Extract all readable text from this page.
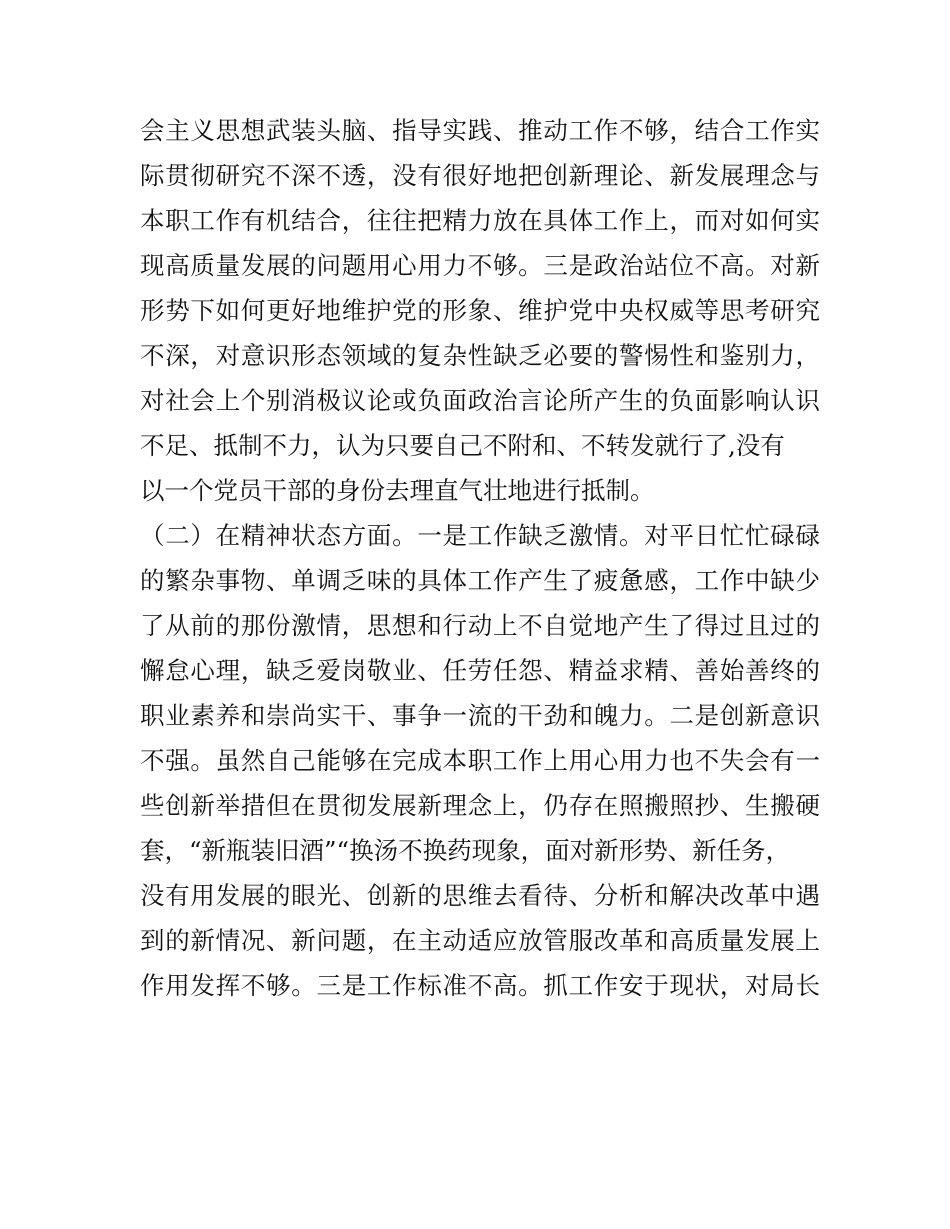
会主义思想武装头脑、指导实践、推动工作不够，结合工作实
际贯彻研究不深不透，没有很好地把创新理论、新发展理念与
本职工作有机结合，往往把精力放在具体工作上，而对如何实
现高质量发展的问题用心用力不够。三是政治站位不高。对新
形势下如何更好地维护党的形象、维护党中央权威等思考研究
不深，对意识形态领域的复杂性缺乏必要的警惕性和鉴别力，
对社会上个别消极议论或负面政治言论所产生的负面影响认识
不足、抵制不力，认为只要自己不附和、不转发就行了,没有
以一个党员干部的身份去理直气壮地进行抵制。
（二）在精神状态方面。一是工作缺乏激情。对平日忙忙碌碌
的繁杂事物、单调乏味的具体工作产生了疲惫感，工作中缺少
了从前的那份激情，思想和行动上不自觉地产生了得过且过的
懈怠心理，缺乏爱岗敬业、任劳任怨、精益求精、善始善终的
职业素养和崇尚实干、事争一流的干劲和魄力。二是创新意识
不强。虽然自己能够在完成本职工作上用心用力也不失会有一
些创新举措但在贯彻发展新理念上，仍存在照搬照抄、生搬硬
套，“新瓶装旧酒”“换汤不换药现象，面对新形势、新任务，
没有用发展的眼光、创新的思维去看待、分析和解决改革中遇
到的新情况、新问题，在主动适应放管服改革和高质量发展上
作用发挥不够。三是工作标准不高。抓工作安于现状，对局长
